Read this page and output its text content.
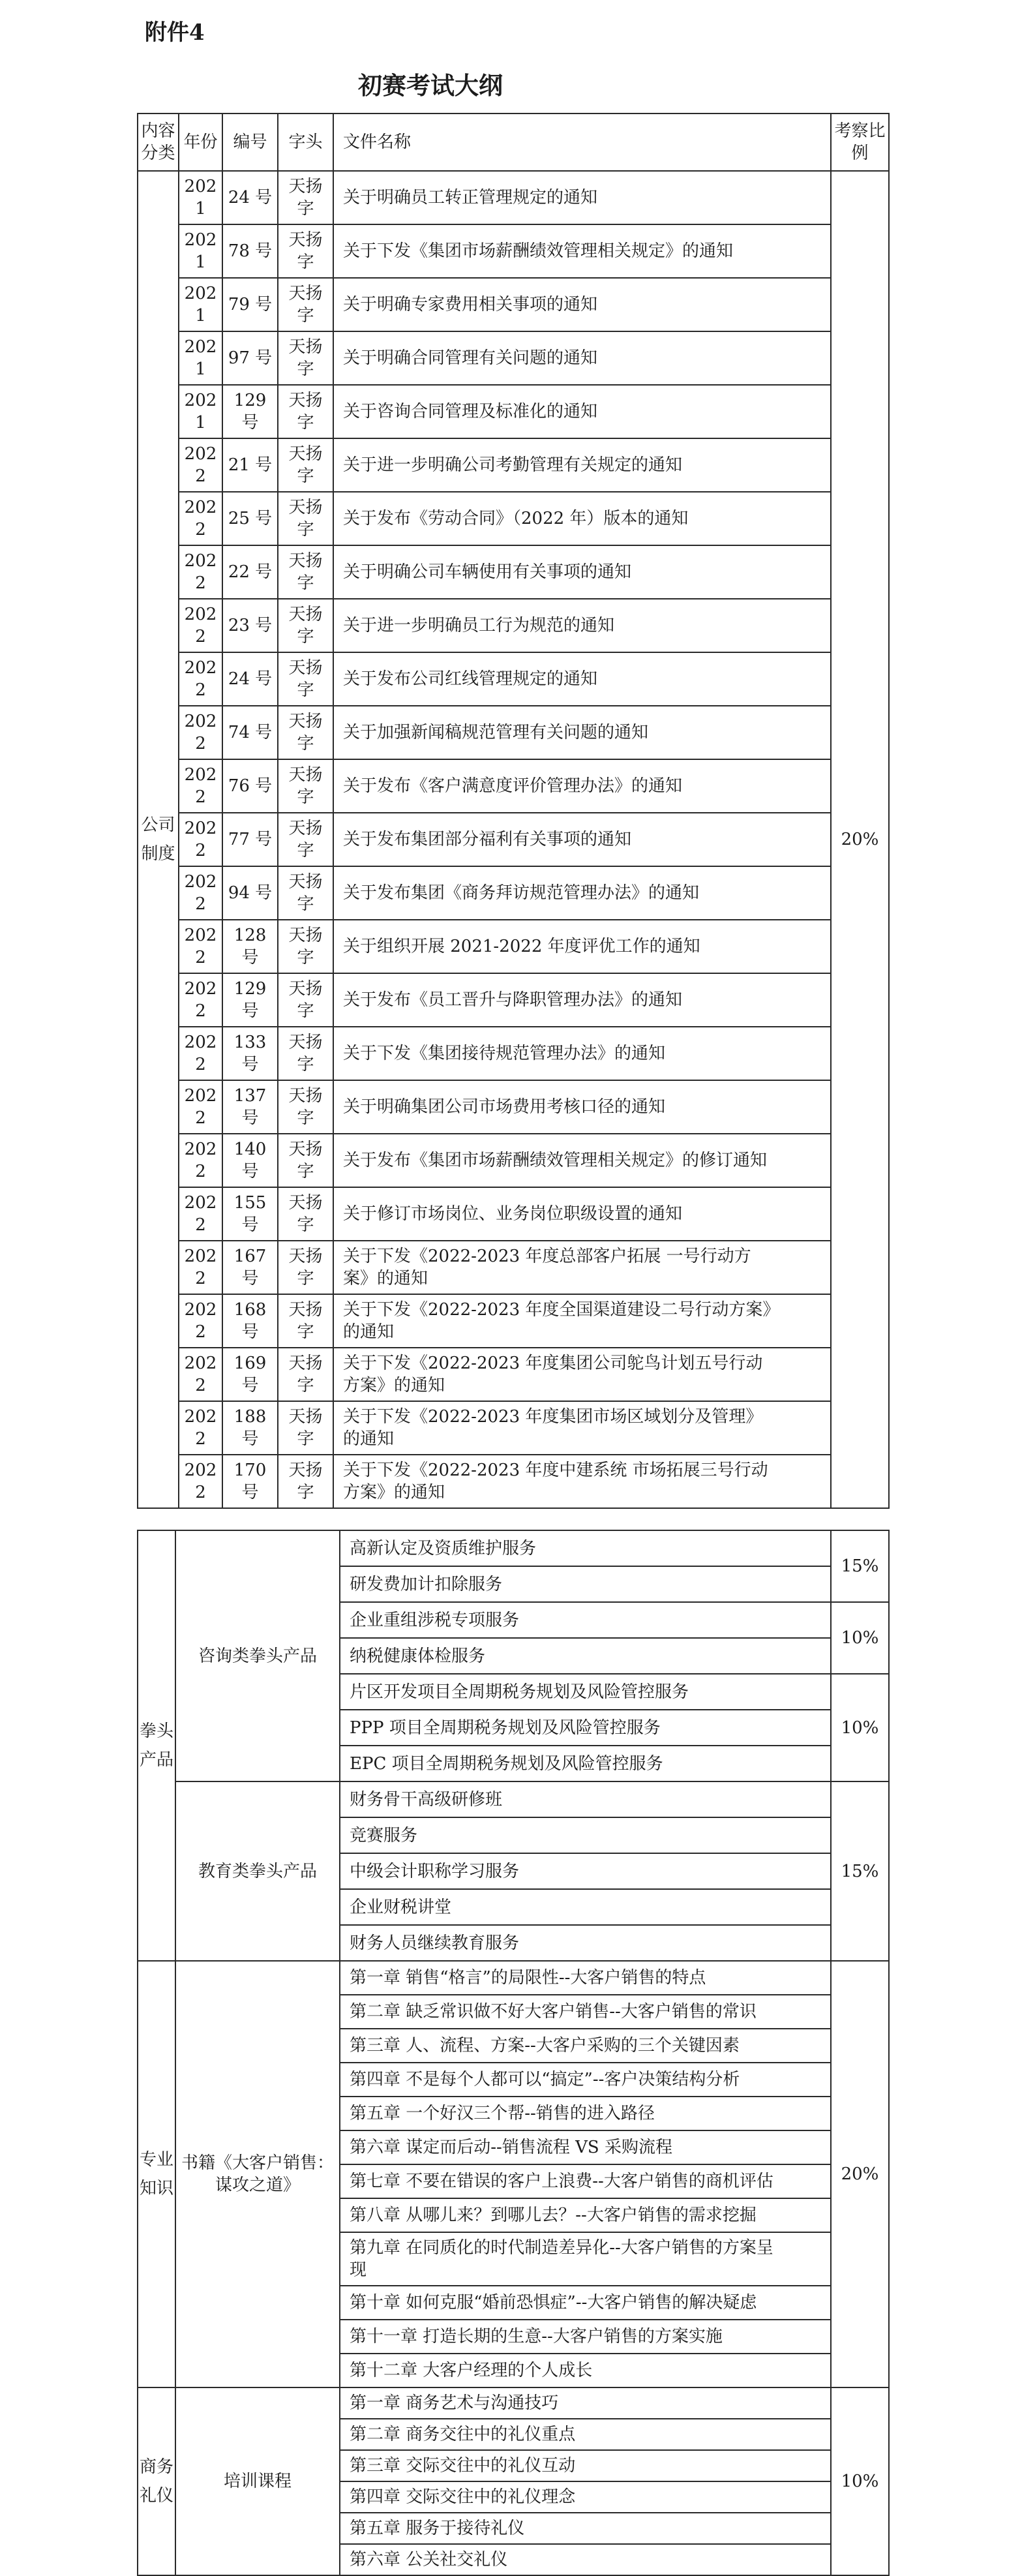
附件4
初赛考试大纲
内容分类	年份	编号	字头	文件名称	考察比例
公司制度	2021	24 号	天扬字	关于明确员工转正管理规定的通知	20%
	2021	78 号	天扬字	关于下发《集团市场薪酬绩效管理相关规定》的通知	
	2021	79 号	天扬字	关于明确专家费用相关事项的通知	
	2021	97 号	天扬字	关于明确合同管理有关问题的通知	
	2021	129 号	天扬字	关于咨询合同管理及标准化的通知	
	2022	21 号	天扬字	关于进一步明确公司考勤管理有关规定的通知	
	2022	25 号	天扬字	关于发布《劳动合同》（2022 年）版本的通知	
	2022	22 号	天扬字	关于明确公司车辆使用有关事项的通知	
	2022	23 号	天扬字	关于进一步明确员工行为规范的通知	
	2022	24 号	天扬字	关于发布公司红线管理规定的通知	
	2022	74 号	天扬字	关于加强新闻稿规范管理有关问题的通知	
	2022	76 号	天扬字	关于发布《客户满意度评价管理办法》的通知	
	2022	77 号	天扬字	关于发布集团部分福利有关事项的通知	
	2022	94 号	天扬字	关于发布集团《商务拜访规范管理办法》的通知	
	2022	128 号	天扬字	关于组织开展 2021-2022 年度评优工作的通知	
	2022	129 号	天扬字	关于发布《员工晋升与降职管理办法》的通知	
	2022	133 号	天扬字	关于下发《集团接待规范管理办法》的通知	
	2022	137 号	天扬字	关于明确集团公司市场费用考核口径的通知	
	2022	140 号	天扬字	关于发布《集团市场薪酬绩效管理相关规定》的修订通知	
	2022	155 号	天扬字	关于修订市场岗位、业务岗位职级设置的通知	
	2022	167 号	天扬字	关于下发《2022-2023 年度总部客户拓展 一号行动方案》的通知	
	2022	168 号	天扬字	关于下发《2022-2023 年度全国渠道建设二号行动方案》的通知	
	2022	169 号	天扬字	关于下发《2022-2023 年度集团公司鸵鸟计划五号行动方案》的通知	
	2022	188 号	天扬字	关于下发《2022-2023 年度集团市场区域划分及管理》的通知	
	2022	170 号	天扬字	关于下发《2022-2023 年度中建系统 市场拓展三号行动方案》的通知	
拳头产品	咨询类拳头产品	高新认定及资质维护服务	15%
		研发费加计扣除服务	
		企业重组涉税专项服务	10%
		纳税健康体检服务	
		片区开发项目全周期税务规划及风险管控服务	10%
		PPP 项目全周期税务规划及风险管控服务	
		EPC 项目全周期税务规划及风险管控服务	
	教育类拳头产品	财务骨干高级研修班	15%
		竞赛服务	
		中级会计职称学习服务	
		企业财税讲堂	
		财务人员继续教育服务	
专业知识	书籍《大客户销售：谋攻之道》	第一章 销售“格言”的局限性--大客户销售的特点	20%
		第二章 缺乏常识做不好大客户销售--大客户销售的常识	
		第三章 人、流程、方案--大客户采购的三个关键因素	
		第四章 不是每个人都可以“搞定”--客户决策结构分析	
		第五章 一个好汉三个帮--销售的进入路径	
		第六章 谋定而后动--销售流程 VS 采购流程	
		第七章 不要在错误的客户上浪费--大客户销售的商机评估	
		第八章 从哪儿来？到哪儿去？--大客户销售的需求挖掘	
		第九章 在同质化的时代制造差异化--大客户销售的方案呈现	
		第十章 如何克服“婚前恐惧症”--大客户销售的解决疑虑	
		第十一章 打造长期的生意--大客户销售的方案实施	
		第十二章 大客户经理的个人成长	
商务礼仪	培训课程	第一章 商务艺术与沟通技巧	10%
		第二章 商务交往中的礼仪重点	
		第三章 交际交往中的礼仪互动	
		第四章 交际交往中的礼仪理念	
		第五章 服务于接待礼仪	
		第六章 公关社交礼仪	
